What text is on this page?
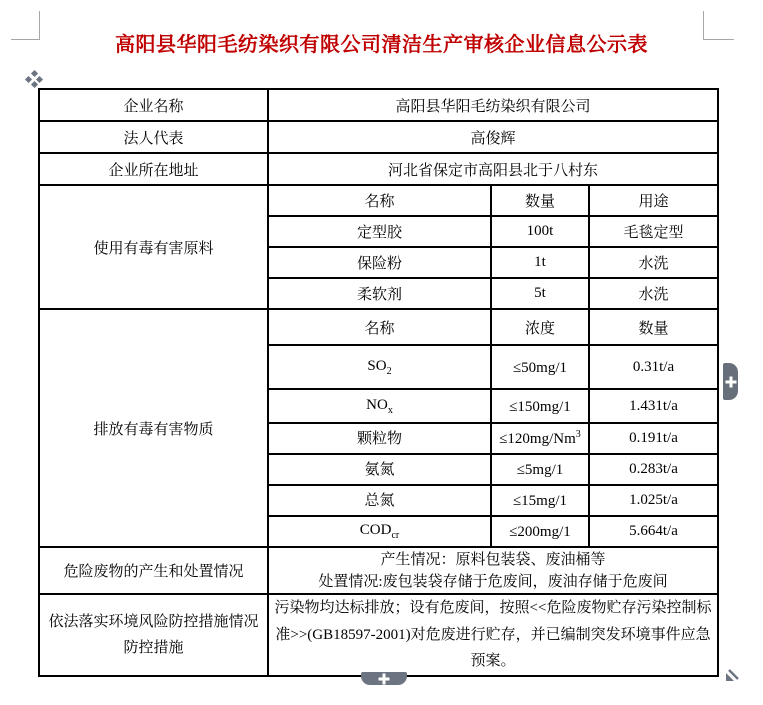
高阳县华阳毛纺染织有限公司清洁生产审核企业信息公示表
企业名称	高阳县华阳毛纺染织有限公司		
法人代表	高俊辉		
企业所在地址	河北省保定市高阳县北于八村东		
使用有毒有害原料	名称	数量	用途
	定型胶	100t	毛毯定型
	保险粉	1t	水洗
	柔软剂	5t	水洗
排放有毒有害物质	名称	浓度	数量
	$SO_2$	≤50mg/1	0.31t/a
	$NO_x$	≤150mg/1	1.431t/a
	颗粒物	$\le 120mg/Nm^3$	0.191t/a
	氨氮	≤5mg/1	0.283t/a
	总氮	≤15mg/1	1.025t/a
	$COD_{cr}$	≤200mg/1	5.664t/a
危险废物的产生和处置情况	产生情况：原料包装袋、废油桶等
处置情况:废包装袋存储于危废间，废油存储于危废间		

依法落实环境风险防控措施情况
防控措施	污染物均达标排放；设有危废间，按照<<危险废物贮存污染控制标准>>(GB18597-2001)对危废进行贮存，并已编制突发环境事件应急预案。		
